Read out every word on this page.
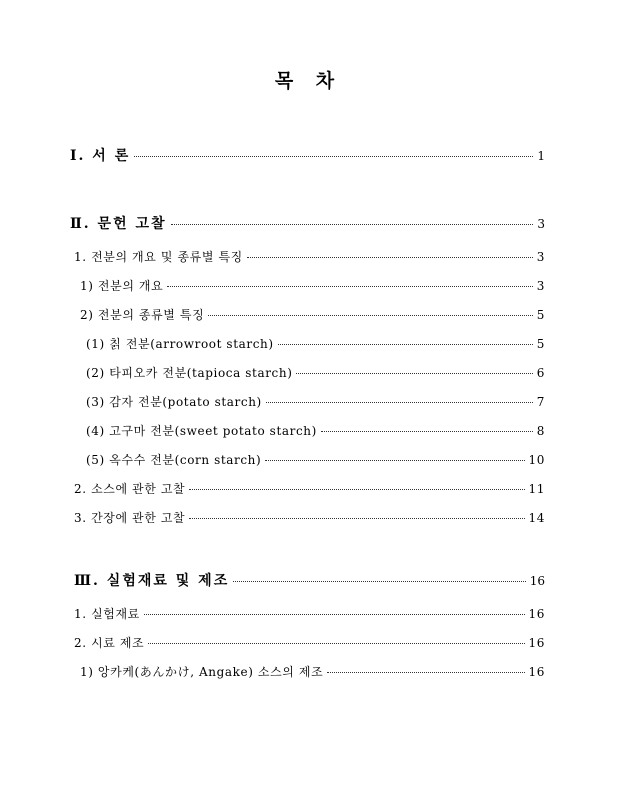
목 차
Ⅰ. 서 론	1
Ⅱ. 문헌 고찰	3
1. 전분의 개요 및 종류별 특징	3
1) 전분의 개요	3
2) 전분의 종류별 특징	5
(1) 칡 전분(arrowroot starch)	5
(2) 타피오카 전분(tapioca starch)	6
(3) 감자 전분(potato starch)	7
(4) 고구마 전분(sweet potato starch)	8
(5) 옥수수 전분(corn starch)	10
2. 소스에 관한 고찰	11
3. 간장에 관한 고찰	14
Ⅲ. 실험재료 및 제조	16
1. 실험재료	16
2. 시료 제조	16
1) 앙카케(あんかけ, Angake) 소스의 제조	16
